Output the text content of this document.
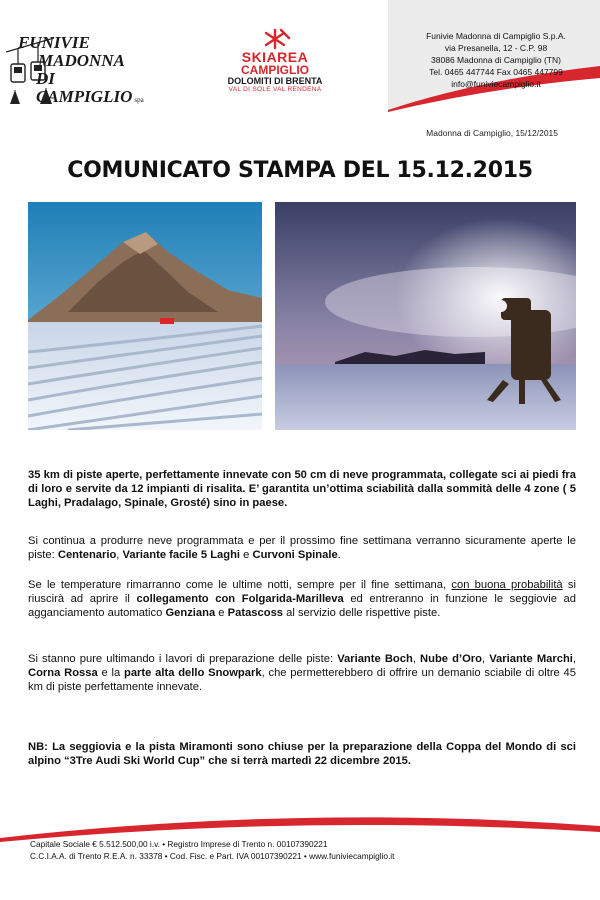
FUNIVIE
MADONNA
DI CAMPIGLIO spa
SKIAREA
CAMPIGLIO
DOLOMITI DI BRENTA
VAL DI SOLE VAL RENDENA
Funivie Madonna di Campiglio S.p.A.
via Presanella, 12 - C.P. 98
38086 Madonna di Campiglio (TN)
Tel. 0465 447744 Fax 0465 447799
info@funiviecampiglio.it
Madonna di Campiglio, 15/12/2015
COMUNICATO STAMPA DEL 15.12.2015

35 km di piste aperte, perfettamente innevate con 50 cm di neve programmata, collegate sci ai piedi fra di loro e servite da 12 impianti di risalita. E’ garantita un’ottima sciabilità dalla sommità delle 4 zone ( 5 Laghi, Pradalago, Spinale, Grosté) sino in paese.

Si continua a produrre neve programmata e per il prossimo fine settimana verranno sicuramente aperte le piste: Centenario, Variante facile 5 Laghi e Curvoni Spinale.

Se le temperature rimarranno come le ultime notti, sempre per il fine settimana, con buona probabilità si riuscirà ad aprire il collegamento con Folgarida-Marilleva ed entreranno in funzione le seggiovie ad agganciamento automatico Genziana e Patascoss al servizio delle rispettive piste.

Si stanno pure ultimando i lavori di preparazione delle piste: Variante Boch, Nube d’Oro, Variante Marchi, Corna Rossa e la parte alta dello Snowpark, che permetterebbero di offrire un demanio sciabile di oltre 45 km di piste perfettamente innevate.

NB: La seggiovia e la pista Miramonti sono chiuse per la preparazione della Coppa del Mondo di sci alpino “3Tre Audi Ski World Cup” che si terrà martedì 22 dicembre 2015.

Capitale Sociale € 5.512.500,00 i.v. • Registro Imprese di Trento n. 00107390221
C.C.I.A.A. di Trento R.E.A. n. 33378 • Cod. Fisc. e Part. IVA 00107390221 • www.funiviecampiglio.it
